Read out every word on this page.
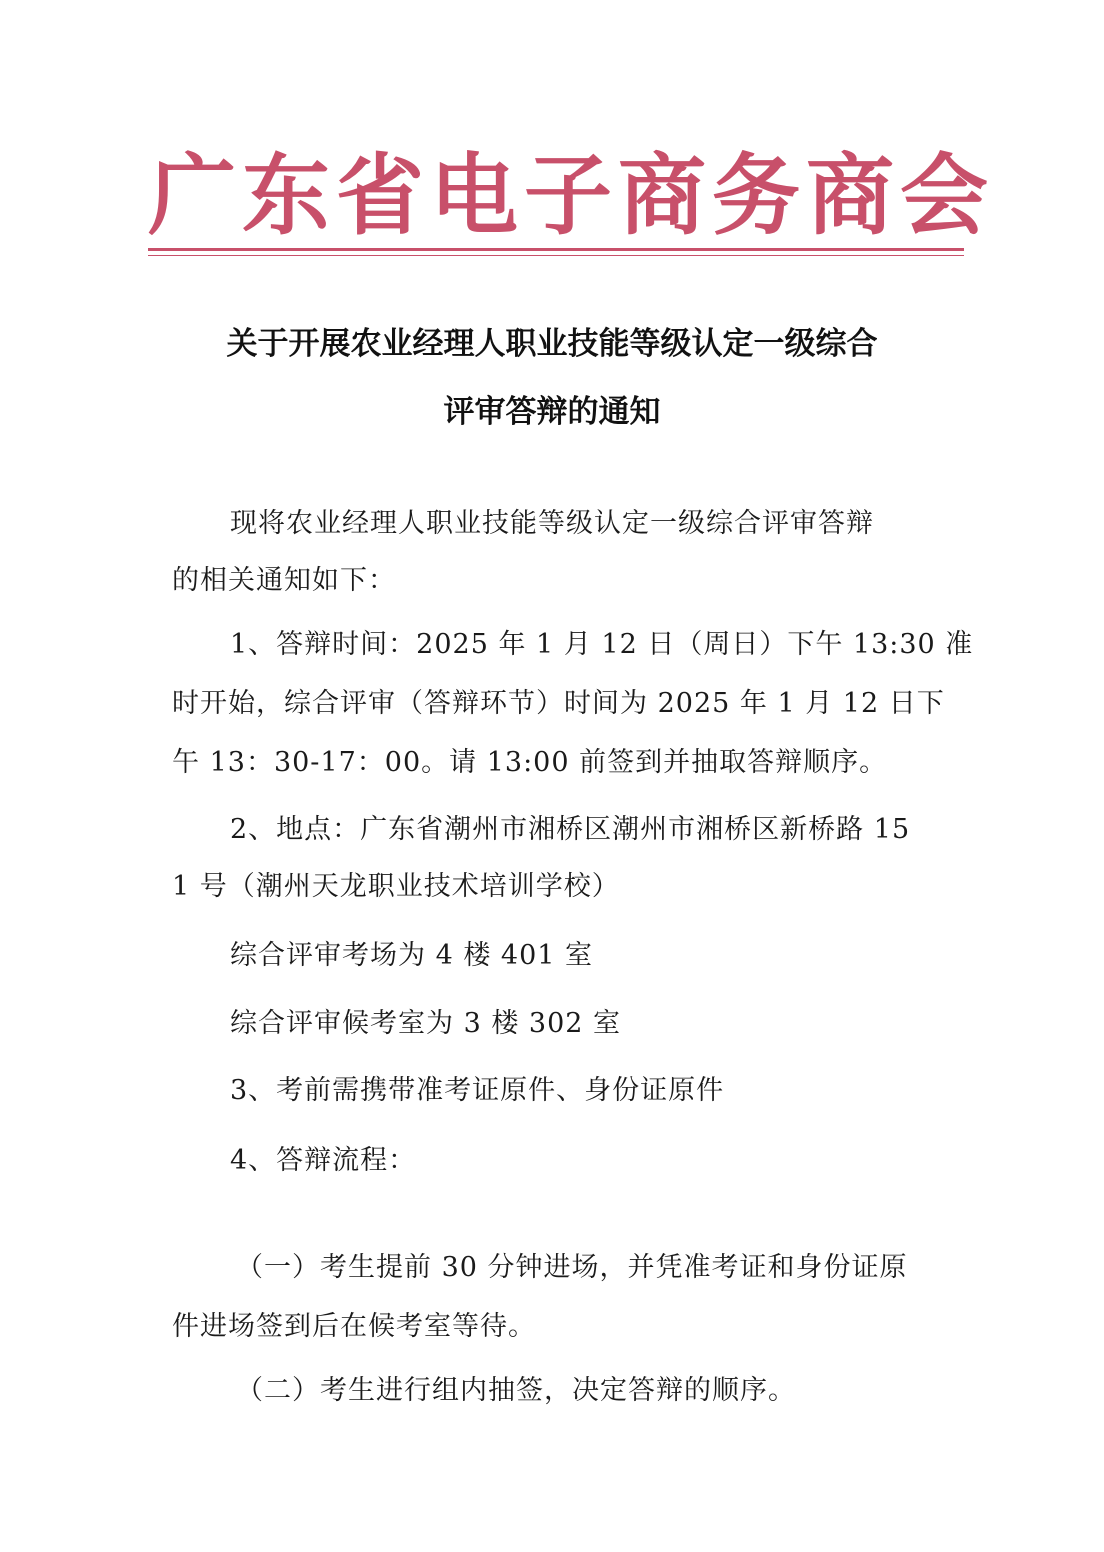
广东省电子商务商会
关于开展农业经理人职业技能等级认定一级综合
评审答辩的通知
现将农业经理人职业技能等级认定一级综合评审答辩
的相关通知如下：
1、答辩时间：2025 年 1 月 12 日（周日）下午 13:30 准
时开始，综合评审（答辩环节）时间为 2025 年 1 月 12 日下
午 13：30-17：00。请 13:00 前签到并抽取答辩顺序。
2、地点：广东省潮州市湘桥区潮州市湘桥区新桥路 15
1 号（潮州天龙职业技术培训学校）
综合评审考场为 4 楼 401 室
综合评审候考室为 3 楼 302 室
3、考前需携带准考证原件、身份证原件
4、答辩流程：
（一）考生提前 30 分钟进场，并凭准考证和身份证原
件进场签到后在候考室等待。
（二）考生进行组内抽签，决定答辩的顺序。
